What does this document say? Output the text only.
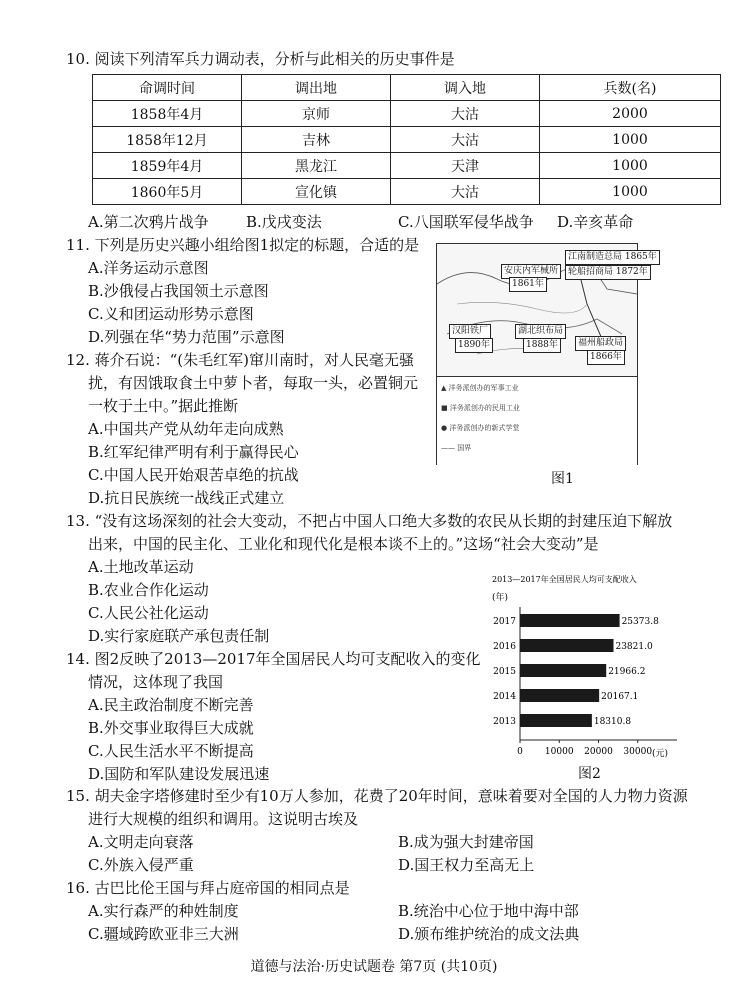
10. 阅读下列清军兵力调动表，分析与此相关的历史事件是
命调时间	调出地	调入地	兵数(名)
1858年4月	京师	大沽	2000
1858年12月	吉林	大沽	1000
1859年4月	黑龙江	天津	1000
1860年5月	宣化镇	大沽	1000
A.第二次鸦片战争 B.戊戌变法	C.八国联军侵华战争 D.辛亥革命
11. 下列是历史兴趣小组给图1拟定的标题，合适的是
A.洋务运动示意图
B.沙俄侵占我国领土示意图
C.义和团运动形势示意图
D.列强在华“势力范围”示意图
安庆内军械所
1861年
江南制造总局 1865年
轮船招商局 1872年
汉阳铁厂
1890年
湖北织布局
1888年	福州船政局
1866年
▲ 洋务派创办的军事工业
■ 洋务派创办的民用工业
● 洋务派创办的新式学堂
—— 国界
图1
12. 蒋介石说：“(朱毛红军)窜川南时，对人民毫无骚
扰，有因饿取食土中萝卜者，每取一头，必置铜元
一枚于土中。”据此推断
A.中国共产党从幼年走向成熟
B.红军纪律严明有利于赢得民心
C.中国人民开始艰苦卓绝的抗战
D.抗日民族统一战线正式建立
13. “没有这场深刻的社会大变动，不把占中国人口绝大多数的农民从长期的封建压迫下解放
出来，中国的民主化、工业化和现代化是根本谈不上的。”这场“社会大变动”是
A.土地改革运动
B.农业合作化运动
C.人民公社化运动
D.实行家庭联产承包责任制
2013—2017年全国居民人均可支配收入
(年)
2017	25373.8
2016	23821.0
2015	21966.2
2014	20167.1
2013	18310.8
0 10000 20000 30000 (元)
图2
14. 图2反映了2013—2017年全国居民人均可支配收入的变化
情况，这体现了我国
A.民主政治制度不断完善
B.外交事业取得巨大成就
C.人民生活水平不断提高
D.国防和军队建设发展迅速
15. 胡夫金字塔修建时至少有10万人参加，花费了20年时间，意味着要对全国的人力物力资源
进行大规模的组织和调用。这说明古埃及
A.文明走向衰落	B.成为强大封建帝国
C.外族入侵严重	D.国王权力至高无上
16. 古巴比伦王国与拜占庭帝国的相同点是
A.实行森严的种姓制度	B.统治中心位于地中海中部
C.疆域跨欧亚非三大洲	D.颁布维护统治的成文法典
道德与法治·历史试题卷 第7页 (共10页)
